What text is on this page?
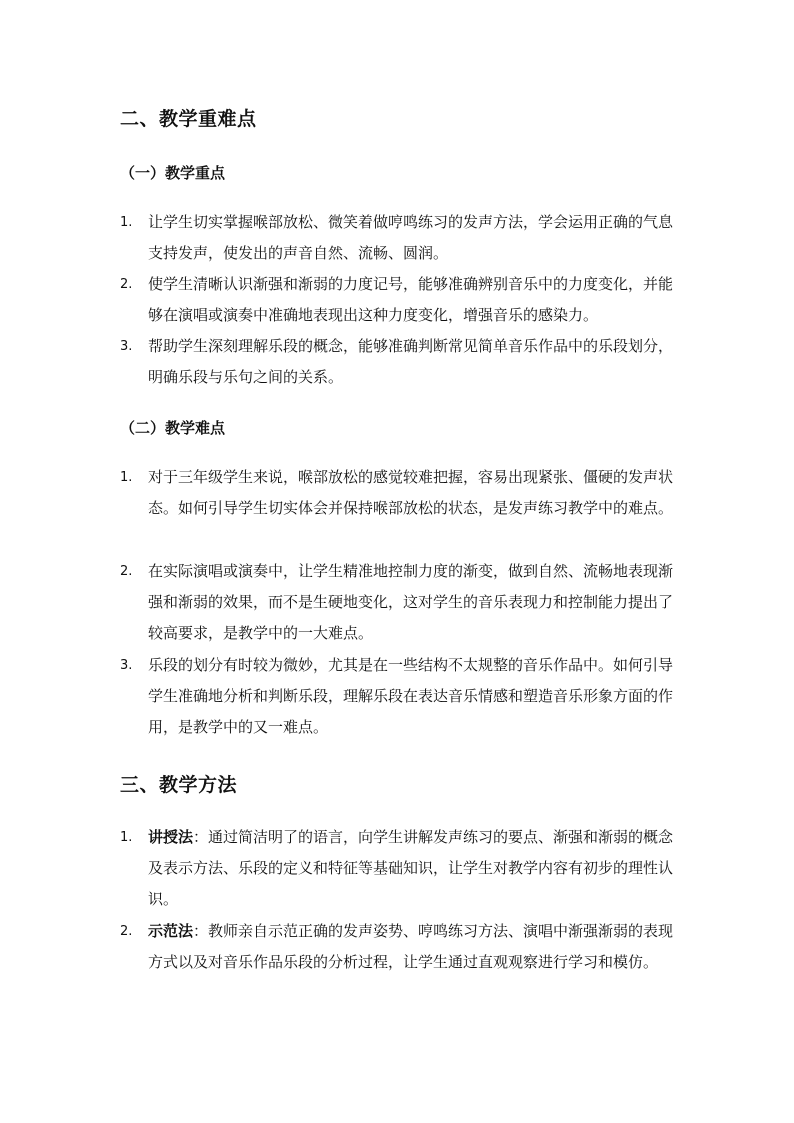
二、教学重难点
（一）教学重点
1.	让学生切实掌握喉部放松、微笑着做哼鸣练习的发声方法，学会运用正确的气息支持发声，使发出的声音自然、流畅、圆润。
2.	使学生清晰认识渐强和渐弱的力度记号，能够准确辨别音乐中的力度变化，并能够在演唱或演奏中准确地表现出这种力度变化，增强音乐的感染力。
3.	帮助学生深刻理解乐段的概念，能够准确判断常见简单音乐作品中的乐段划分，明确乐段与乐句之间的关系。
（二）教学难点
1.	对于三年级学生来说，喉部放松的感觉较难把握，容易出现紧张、僵硬的发声状态。如何引导学生切实体会并保持喉部放松的状态，是发声练习教学中的难点。
2.	在实际演唱或演奏中，让学生精准地控制力度的渐变，做到自然、流畅地表现渐强和渐弱的效果，而不是生硬地变化，这对学生的音乐表现力和控制能力提出了较高要求，是教学中的一大难点。
3.	乐段的划分有时较为微妙，尤其是在一些结构不太规整的音乐作品中。如何引导学生准确地分析和判断乐段，理解乐段在表达音乐情感和塑造音乐形象方面的作用，是教学中的又一难点。
三、教学方法
1.	讲授法：通过简洁明了的语言，向学生讲解发声练习的要点、渐强和渐弱的概念及表示方法、乐段的定义和特征等基础知识，让学生对教学内容有初步的理性认识。
2.	示范法：教师亲自示范正确的发声姿势、哼鸣练习方法、演唱中渐强渐弱的表现方式以及对音乐作品乐段的分析过程，让学生通过直观观察进行学习和模仿。
